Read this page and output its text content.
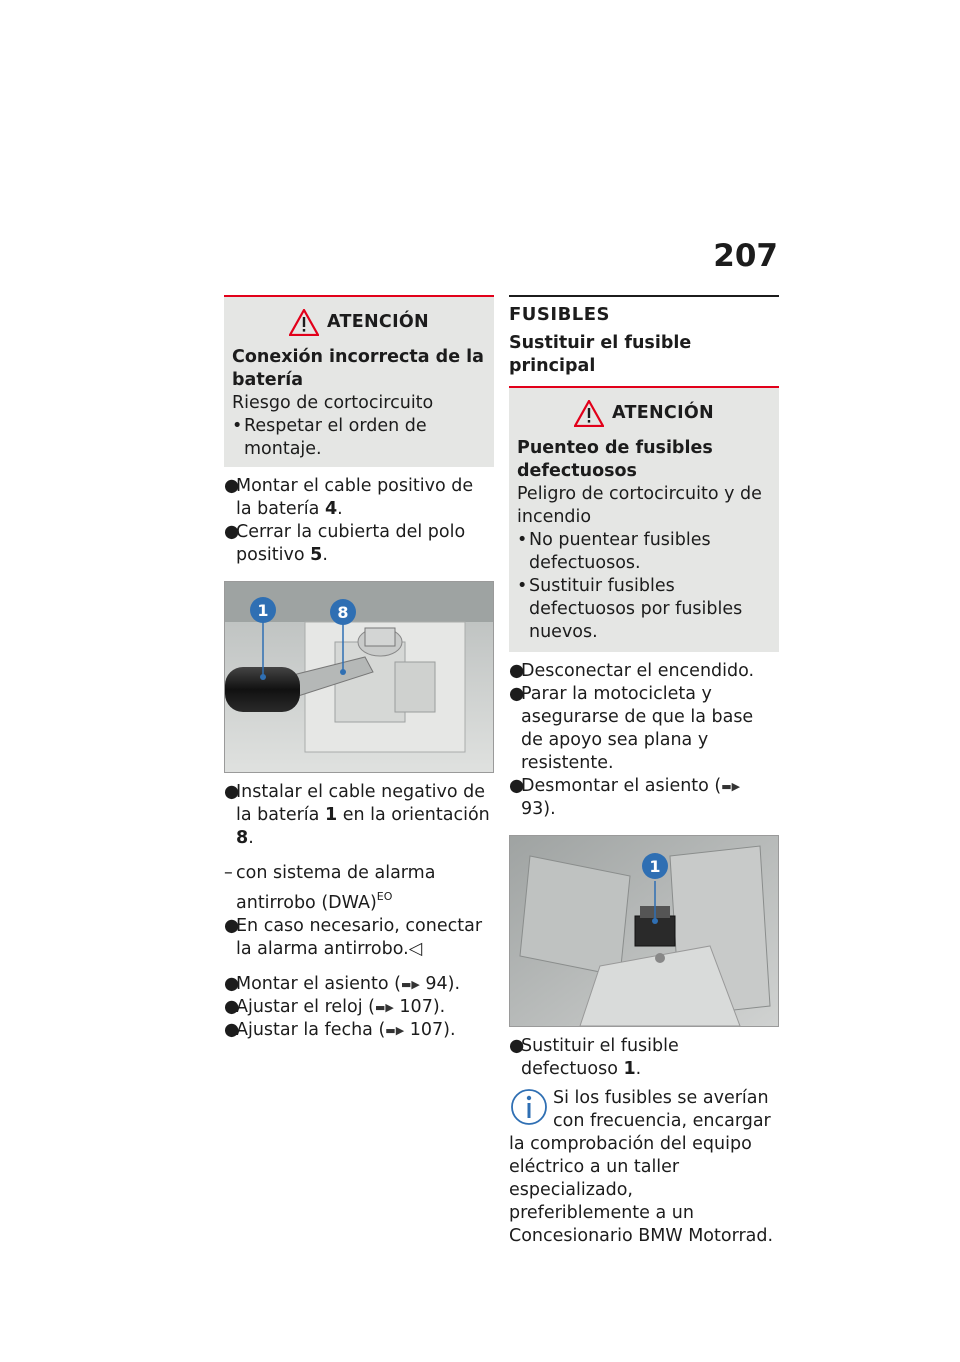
207
ATENCIÓN
Conexión incorrecta de la batería
Riesgo de cortocircuito
• Respetar el orden de montaje.
●
Montar el cable positivo de la batería 4.
●
Cerrar la cubierta del polo positivo 5.
1	8
●
Instalar el cable negativo de la batería 1 en la orientación 8.
– con sistema de alarma antirrobo (DWA)$^{EO}$
●
En caso necesario, conectar la alarma antirrobo.◁
●
Montar el asiento (▬▶ 94).
●
Ajustar el reloj (▬▶ 107).
●
Ajustar la fecha (▬▶ 107).
FUSIBLES
Sustituir el fusible principal
ATENCIÓN
Puenteo de fusibles defectuosos
Peligro de cortocircuito y de incendio
• No puentear fusibles defectuosos.
• Sustituir fusibles defectuosos por fusibles nuevos.
●
Desconectar el encendido.
●
Parar la motocicleta y asegurarse de que la base de apoyo sea plana y resistente.
●
Desmontar el asiento (▬▶ 93).
1
●
Sustituir el fusible defectuoso 1.
Si los fusibles se averían con frecuencia, encargar la comprobación del equipo eléctrico a un taller especializado, preferiblemente a un Concesionario BMW Motorrad.
